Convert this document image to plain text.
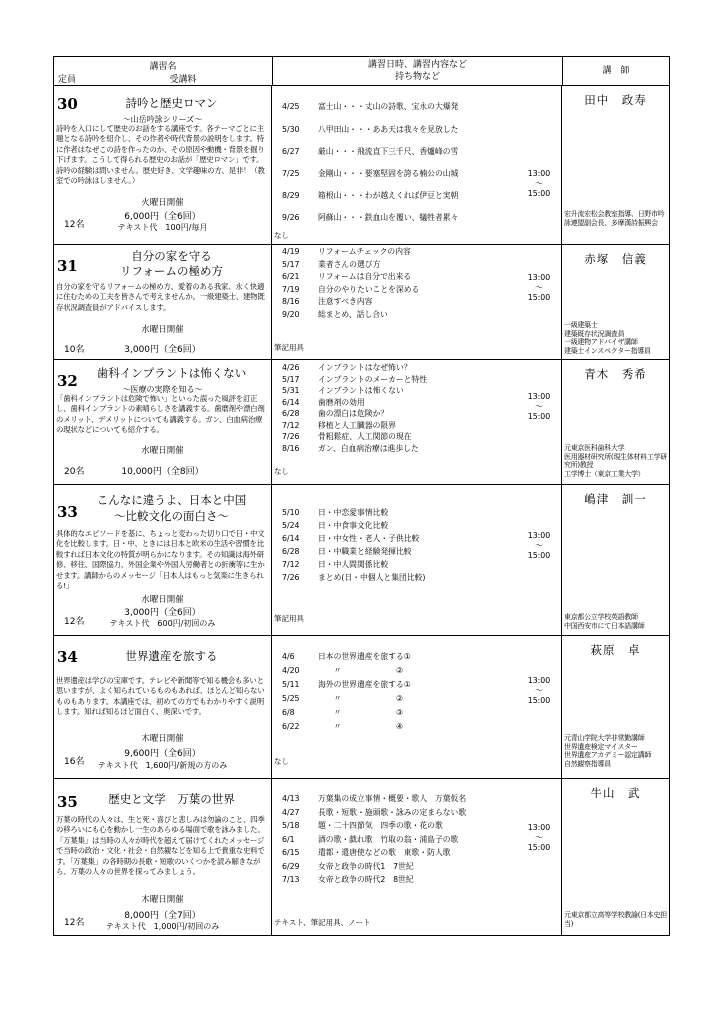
講習名
定員	受講料
講習日時、講習内容など
持ち物など
講　師
30	詩吟と歴史ロマン
～山岳吟詠シリーズ～
詩吟を入口にして歴史のお話をする講座です。各テーマごとに主題となる詩吟を紹介し、その作者や時代背景の説明をします。特に作者はなぜこの詩を作ったのか、その原因や動機・背景を掘り下げます。こうして得られる歴史のお話が「歴史ロマン」です。詩吟の経験は問いません。歴史好き、文学趣味の方、是非！（教室での吟詠はしません。）
火曜日開催
12名
6,000円（全6回）
テキスト代　100円/毎月
4/25	富士山・・・丈山の詩歌、宝永の大爆発
5/30	八甲田山・・・ああ天は我々を見放した
6/27	厳山・・・飛流直下三千尺、香爐峰の雪
7/25	金剛山・・・要塞堅固を誇る楠公の山城
8/29	箱根山・・・わが越えくれば伊豆と実朝
9/26	阿蘇山・・・鉄血山を覆い、犠牲者累々
13:00
～
15:00
なし
田中　政寿
宏升流宏松会教室指導、日野市吟詠連盟副会長、多摩漢詩振興会
31
自分の家を守る
リフォームの極め方
自分の家を守るリフォームの極め方、愛着のある我家、永く快適に住むための工夫を皆さんで考えませんか。一級建築士、建物既存状況調査員がアドバイスします。
水曜日開催
10名	3,000円（全6回）
4/19	リフォームチェックの内容
5/17	業者さんの選び方
6/21	リフォームは自分で出来る
7/19	自分のやりたいことを深める
8/16	注意すべき内容
9/20	総まとめ、話し合い
13:00
～
15:00
筆記用具
赤塚　信義
一級建築士
建築既存状況調査員
一級建物アドバイザ講師
建築士インスペクター指導員
32	歯科インプラントは怖くない
～医療の実際を知る～
「歯科インプラントは危険で怖い」といった誤った風評を訂正し、歯科インプラントの素晴らしさを講義する。歯磨剤や漂白剤のメリット、デメリットについても講義する。ガン、白血病治療の現状などについても紹介する。
水曜日開催
20名	10,000円（全8回）
4/26	インプラントはなぜ怖い？
5/17	インプラントのメーカーと特性
5/31	インプラントは怖くない
6/14	歯磨剤の効用
6/28	歯の漂白は危険か？
7/12	移植と人工臓器の限界
7/26	骨粗鬆症、人工関節の現在
8/16	ガン、白血病治療は進歩した
13:00
～
15:00
なし
青木　秀希
元東京医科歯科大学
医用器材研究所(現生体材料工学研究所)教授
工学博士（東京工業大学）
33
こんなに違うよ、日本と中国
～比較文化の面白さ～
具体的なエピソードを基に、ちょっと変わった切り口で日・中文化を比較します。日・中、ときには日本と欧米の生活や習慣を比較すれば日本文化の特質が明らかになります。その知識は海外研修、移住、国際協力、外国企業や外国人労働者との折衝等に生かせます。講師からのメッセージ「日本人はもっと気楽に生きられる!」
水曜日開催
12名
3,000円（全6回）
テキスト代　600円/初回のみ
5/10	日・中恋愛事情比較
5/24	日・中食事文化比較
6/14	日・中女性・老人・子供比較
6/28	日・中職業と経験発揮比較
7/12	日・中人間関係比較
7/26	まとめ(日・中個人と集団比較)
13:00
～
15:00
筆記用具
嶋津　訓一
東京都公立学校英語教師
中国西安市にて日本語講師
34	世界遺産を旅する
世界遺産は学びの宝庫です。テレビや新聞等で知る機会も多いと思いますが、よく知られているものもあれば、ほとんど知らないものもあります。本講座では、初めての方でもわかりやすく説明します。知れば知るほど面白く、奥深いです。
木曜日開催
16名
9,600円（全6回）
テキスト代　1,600円/新規の方のみ
4/6	日本の世界遺産を旅する①
4/20	　　〃　　　　　　　②
5/11	海外の世界遺産を旅する①
5/25	　　〃　　　　　　　②
6/8	　　〃　　　　　　　③
6/22	　　〃　　　　　　　④
13:00
～
15:00
なし
萩原　卓
元青山学院大学非常勤講師
世界遺産検定マイスター
世界遺産アカデミー認定講師
自然観察指導員
35	歴史と文学　万葉の世界
万葉の時代の人々は、生と死・喜びと悲しみは勿論のこと、四季の移ろいにも心を動かし一生のあらゆる場面で歌を詠みました。「万葉集」は当時の人々が時代を超えて届けてくれたメッセージで当時の政治・文化・社会・自然観などを知る上で貴重な史料です。「万葉集」の各時期の長歌・短歌のいくつかを読み解きながら、万葉の人々の世界を探ってみましょう。
木曜日開催
12名
8,000円（全7回）
テキスト代　1,000円/初回のみ
4/13	万葉集の成立事情・概要・歌人　万葉仮名
4/27	長歌・短歌・施頭歌・詠みの定まらない歌
5/18	題・二十四節気　四季の歌・花の歌
6/1	酒の歌・戯れ歌　竹取の翁・浦島子の歌
6/15	遣都・遣唐使などの歌　東歌・防人歌
6/29	女帝と政争の時代1　7世紀
7/13	女帝と政争の時代2　8世紀
13:00
～
15:00
テキスト、筆記用具、ノート
牛山　武
元東京都立高等学校教諭(日本史担当)
